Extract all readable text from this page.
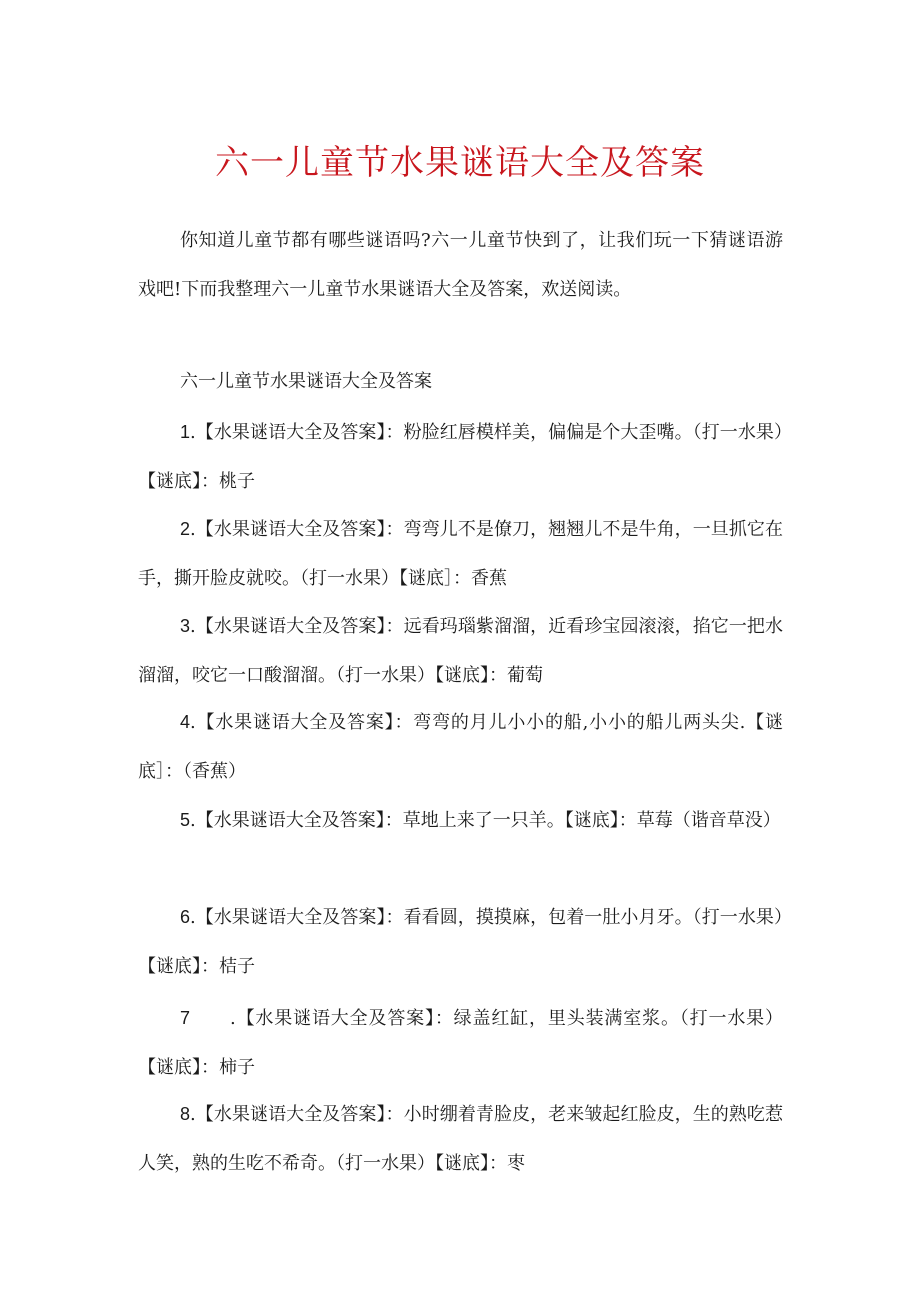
六一儿童节水果谜语大全及答案
你知道儿童节都有哪些谜语吗?六一儿童节快到了，让我们玩一下猜谜语游戏吧!下而我整理六一儿童节水果谜语大全及答案，欢送阅读。
六一儿童节水果谜语大全及答案
1.【水果谜语大全及答案】：粉脸红唇模样美，偏偏是个大歪嘴。（打一水果）【谜底】：桃子
2.【水果谜语大全及答案】：弯弯儿不是僚刀，翘翘儿不是牛角，一旦抓它在手，撕开脸皮就咬。（打一水果）【谜底］：香蕉
3.【水果谜语大全及答案】：远看玛瑙紫溜溜，近看珍宝园滚滚，掐它一把水溜溜，咬它一口酸溜溜。（打一水果）【谜底】：葡萄
4.【水果谜语大全及答案】：弯弯的月儿小小的船,小小的船儿两头尖.【谜底］：（香蕉）
5.【水果谜语大全及答案】：草地上来了一只羊。【谜底】：草莓（谐音草没）
6.【水果谜语大全及答案】：看看圆，摸摸麻，包着一肚小月牙。（打一水果）【谜底】：桔子
7 .【水果谜语大全及答案】：绿盖红缸，里头装满室浆。（打一水果）【谜底】：柿子
8.【水果谜语大全及答案】：小时绷着青脸皮，老来皱起红脸皮，生的熟吃惹人笑，熟的生吃不希奇。（打一水果）【谜底】：枣
